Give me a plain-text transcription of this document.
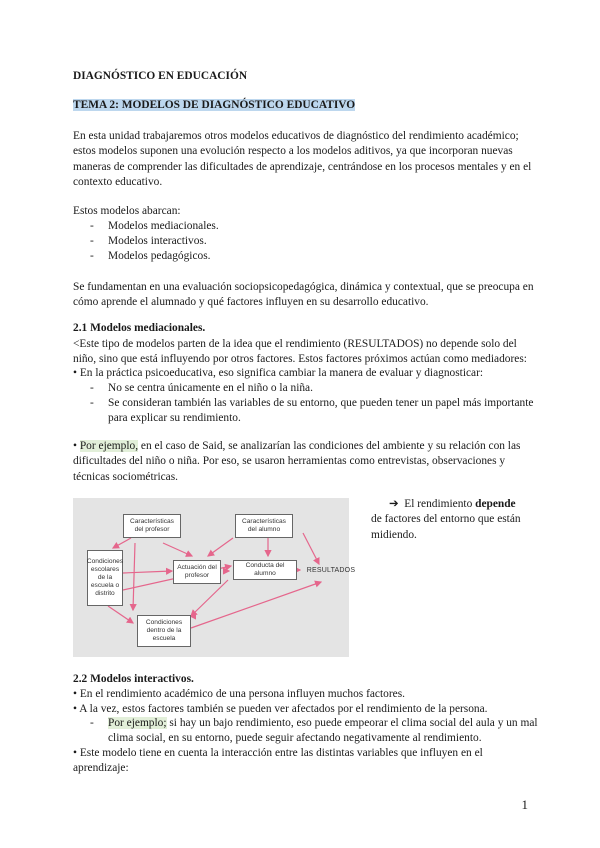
DIAGNÓSTICO EN EDUCACIÓN

TEMA 2: MODELOS DE DIAGNÓSTICO EDUCATIVO

En esta unidad trabajaremos otros modelos educativos de diagnóstico del rendimiento académico;

estos modelos suponen una evolución respecto a los modelos aditivos, ya que incorporan nuevas

maneras de comprender las dificultades de aprendizaje, centrándose en los procesos mentales y en el

contexto educativo.

Estos modelos abarcan:

- Modelos mediacionales.
- Modelos interactivos.
- Modelos pedagógicos.

Se fundamentan en una evaluación sociopsicopedagógica, dinámica y contextual, que se preocupa en

cómo aprende el alumnado y qué factores influyen en su desarrollo educativo.

2.1 Modelos mediacionales.

<Este tipo de modelos parten de la idea que el rendimiento (RESULTADOS) no depende solo del

niño, sino que está influyendo por otros factores. Estos factores próximos actúan como mediadores:

• En la práctica psicoeducativa, eso significa cambiar la manera de evaluar y diagnosticar:

- No se centra únicamente en el niño o la niña.
- Se consideran también las variables de su entorno, que pueden tener un papel más importante

para explicar su rendimiento.

• Por ejemplo, en el caso de Said, se analizarían las condiciones del ambiente y su relación con las

dificultades del niño o niña. Por eso, se usaron herramientas como entrevistas, observaciones y

técnicas sociométricas.

Características del profesor
Características del alumno
Condiciones escolares de la escuela o distrito
Actuación del profesor
Conducta del alumno	RESULTADOS
Condiciones dentro de la escuela

➔ El rendimiento depende

de factores del entorno que están

midiendo.

2.2 Modelos interactivos.

• En el rendimiento académico de una persona influyen muchos factores.

• A la vez, estos factores también se pueden ver afectados por el rendimiento de la persona.

- Por ejemplo; si hay un bajo rendimiento, eso puede empeorar el clima social del aula y un mal

clima social, en su entorno, puede seguir afectando negativamente al rendimiento.

• Este modelo tiene en cuenta la interacción entre las distintas variables que influyen en el

aprendizaje:

1
